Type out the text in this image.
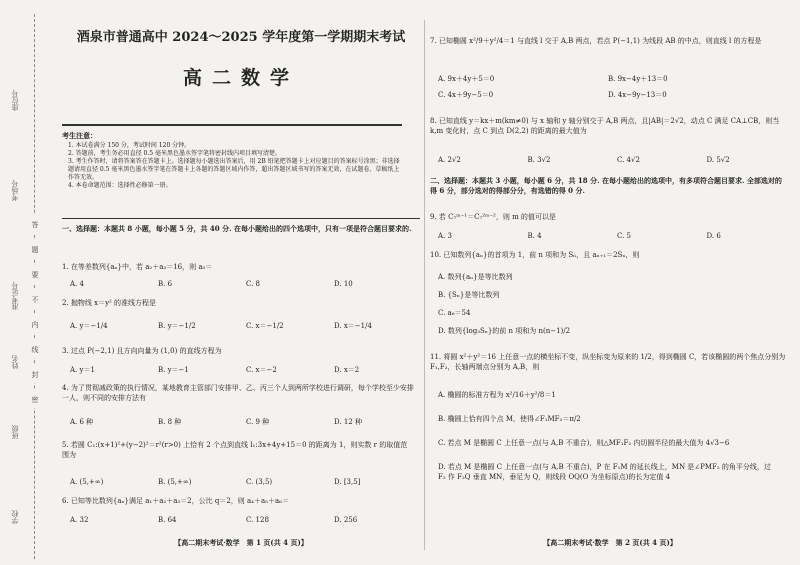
座位号
考场号
准考证号
姓名
班级
学校
答
题
要
不
内
线
封
密
酒泉市普通高中 2024～2025 学年度第一学期期末考试
高二数学
考生注意：
1. 本试卷满分 150 分，考试时间 120 分钟。
2. 答题前，考生务必用直径 0.5 毫米黑色墨水签字笔将密封线内项目填写清楚。
3. 考生作答时，请将答案答在答题卡上。选择题每小题选出答案后，用 2B 铅笔把答题卡上对应题目的答案标号涂黑；非选择题请用直径 0.5 毫米黑色墨水签字笔在答题卡上各题的答题区域内作答，超出答题区域书写的答案无效，在试题卷、草稿纸上作答无效。
4. 本卷命题范围：选择性必修第一册。
一、选择题：本题共 8 小题，每小题 5 分，共 40 分. 在每小题给出的四个选项中，只有一项是符合题目要求的.
1. 在等差数列{aₙ}中，若 a₂＋a₃＝16，则 a₅＝
A. 4	B. 6	C. 8	D. 10
2. 抛物线 x＝y² 的准线方程是
A. y＝−1/4	B. y＝−1/2	C. x＝−1/2	D. x＝−1/4
3. 过点 P(−2,1) 且方向向量为 (1,0) 的直线方程为
A. y＝1	B. y＝−1	C. x＝−2	D. x＝2
4. 为了贯彻减政策的执行情况，某地教育主管部门安排甲、乙、丙三个人到两所学校进行调研，每个学校至少安排一人，则不同的安排方法有
A. 6 种	B. 8 种	C. 9 种	D. 12 种
5. 若圆 C₁:(x+1)²+(y−2)²＝r²(r>0) 上恰有 2 个点到直线 l₁:3x+4y+15＝0 的距离为 1，则实数 r 的取值范围为
A. (5,+∞)	B. (5,+∞)	C. (3,5)	D. [3,5]
6. 已知等比数列{aₙ}满足 a₁＋a₂＋a₃＝2，公比 q＝2，则 a₄＋a₅＋a₆＝
A. 32	B. 64	C. 128	D. 256
【高二期末考试·数学　第 1 页(共 4 页)】
7. 已知椭圆 x²/9＋y²/4＝1 与直线 l 交于 A,B 两点，若点 P(−1,1) 为线段 AB 的中点，则直线 l 的方程是
A. 9x＋4y＋5＝0	B. 9x−4y＋13＝0
C. 4x＋9y−5＝0	D. 4x−9y−13＝0
8. 已知直线 y＝kx＋m(km≠0) 与 x 轴和 y 轴分别交于 A,B 两点，且|AB|＝2√2，动点 C 满足 CA⊥CB，则当 k,m 变化时，点 C 到点 D(2,2) 的距离的最大值为
A. 2√2	B. 3√2	C. 4√2	D. 5√2
二、选择题：本题共 3 小题，每小题 6 分，共 18 分. 在每小题给出的选项中，有多项符合题目要求. 全部选对的得 6 分，部分选对的得部分分，有选错的得 0 分.
9. 若 C₇ᵐ⁻¹＝C₇²ᵐ⁻²，则 m 的值可以是
A. 3	B. 4	C. 5	D. 6
10. 已知数列{aₙ}的首项为 1，前 n 项和为 Sₙ，且 aₙ₊₁＝2Sₙ，则
A. 数列{aₙ}是等比数列
B. {Sₙ}是等比数列
C. a₆＝54
D. 数列{log₃Sₙ}的前 n 项和为 n(n−1)/2
11. 将圆 x²＋y²＝16 上任意一点的横坐标不变，纵坐标变为原来的 1/2，得到椭圆 C，若该椭圆的两个焦点分别为 F₁,F₂，长轴两端点分别为 A,B，则
A. 椭圆的标准方程为 x²/16＋y²/8＝1
B. 椭圆上恰有四个点 M，使得∠F₁MF₂＝π/2
C. 若点 M 是椭圆 C 上任意一点(与 A,B 不重合)，则△MF₁F₂ 内切圆半径的最大值为 4√3−6
D. 若点 M 是椭圆 C 上任意一点(与 A,B 不重合)，P 在 F₁M 的延长线上，MN 是∠PMF₂ 的角平分线，过 F₂ 作 F₂Q 垂直 MN，垂足为 Q，则线段 OQ(O 为坐标原点)的长为定值 4
【高二期末考试·数学　第 2 页(共 4 页)】
